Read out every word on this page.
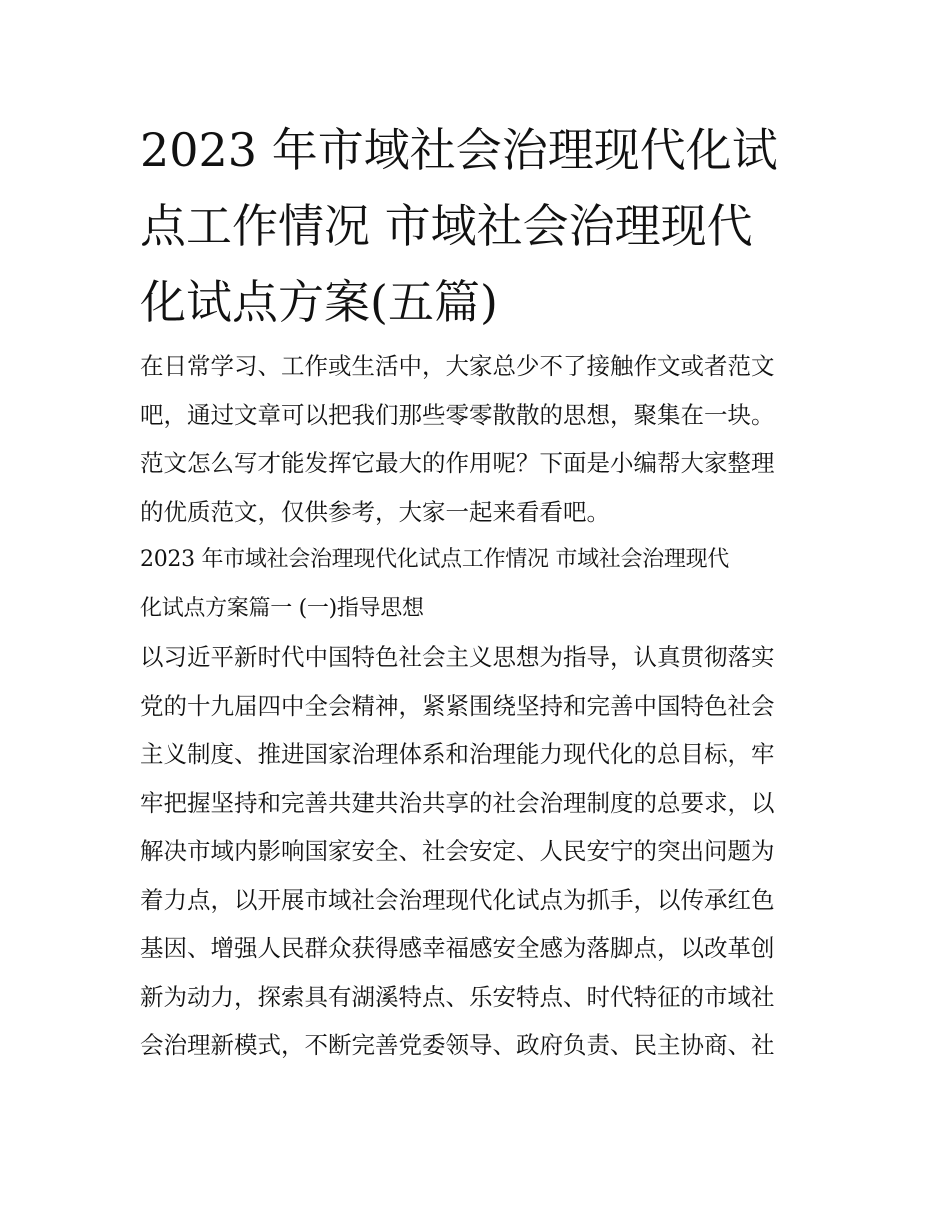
2023 年市域社会治理现代化试
点工作情况 市域社会治理现代
化试点方案(五篇)

在日常学习、工作或生活中，大家总少不了接触作文或者范文
吧，通过文章可以把我们那些零零散散的思想，聚集在一块。
范文怎么写才能发挥它最大的作用呢？下面是小编帮大家整理
的优质范文，仅供参考，大家一起来看看吧。

2023 年市域社会治理现代化试点工作情况 市域社会治理现代
化试点方案篇一 (一)指导思想

以习近平新时代中国特色社会主义思想为指导，认真贯彻落实
党的十九届四中全会精神，紧紧围绕坚持和完善中国特色社会
主义制度、推进国家治理体系和治理能力现代化的总目标，牢
牢把握坚持和完善共建共治共享的社会治理制度的总要求，以
解决市域内影响国家安全、社会安定、人民安宁的突出问题为
着力点，以开展市域社会治理现代化试点为抓手，以传承红色
基因、增强人民群众获得感幸福感安全感为落脚点，以改革创
新为动力，探索具有湖溪特点、乐安特点、时代特征的市域社
会治理新模式，不断完善党委领导、政府负责、民主协商、社
